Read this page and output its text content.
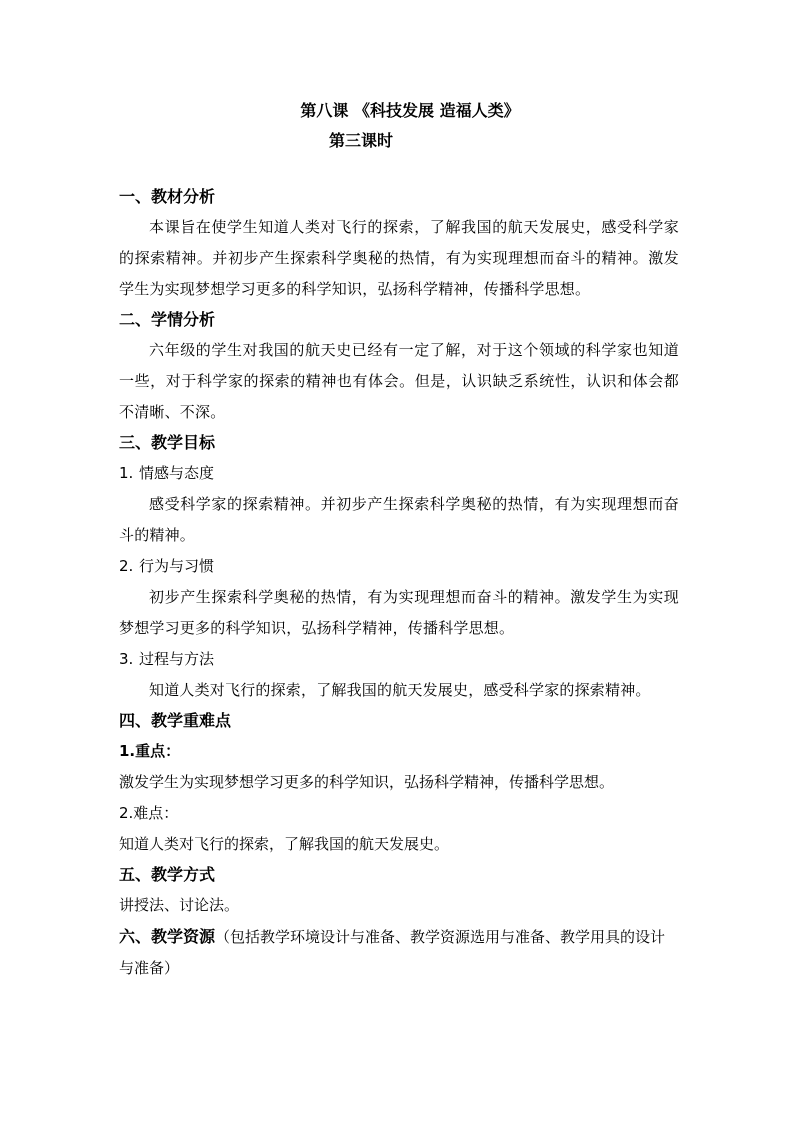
第八课 《科技发展 造福人类》

第三课时

一、教材分析

本课旨在使学生知道人类对飞行的探索，了解我国的航天发展史，感受科学家的探索精神。并初步产生探索科学奥秘的热情，有为实现理想而奋斗的精神。激发学生为实现梦想学习更多的科学知识，弘扬科学精神，传播科学思想。

二、学情分析

六年级的学生对我国的航天史已经有一定了解，对于这个领域的科学家也知道一些，对于科学家的探索的精神也有体会。但是，认识缺乏系统性，认识和体会都不清晰、不深。

三、教学目标

1. 情感与态度

感受科学家的探索精神。并初步产生探索科学奥秘的热情，有为实现理想而奋斗的精神。

2. 行为与习惯

初步产生探索科学奥秘的热情，有为实现理想而奋斗的精神。激发学生为实现梦想学习更多的科学知识，弘扬科学精神，传播科学思想。

3. 过程与方法

知道人类对飞行的探索，了解我国的航天发展史，感受科学家的探索精神。

四、教学重难点

1.重点：

激发学生为实现梦想学习更多的科学知识，弘扬科学精神，传播科学思想。

2.难点：

知道人类对飞行的探索，了解我国的航天发展史。

五、教学方式

讲授法、讨论法。

六、教学资源（包括教学环境设计与准备、教学资源选用与准备、教学用具的设计与准备）
